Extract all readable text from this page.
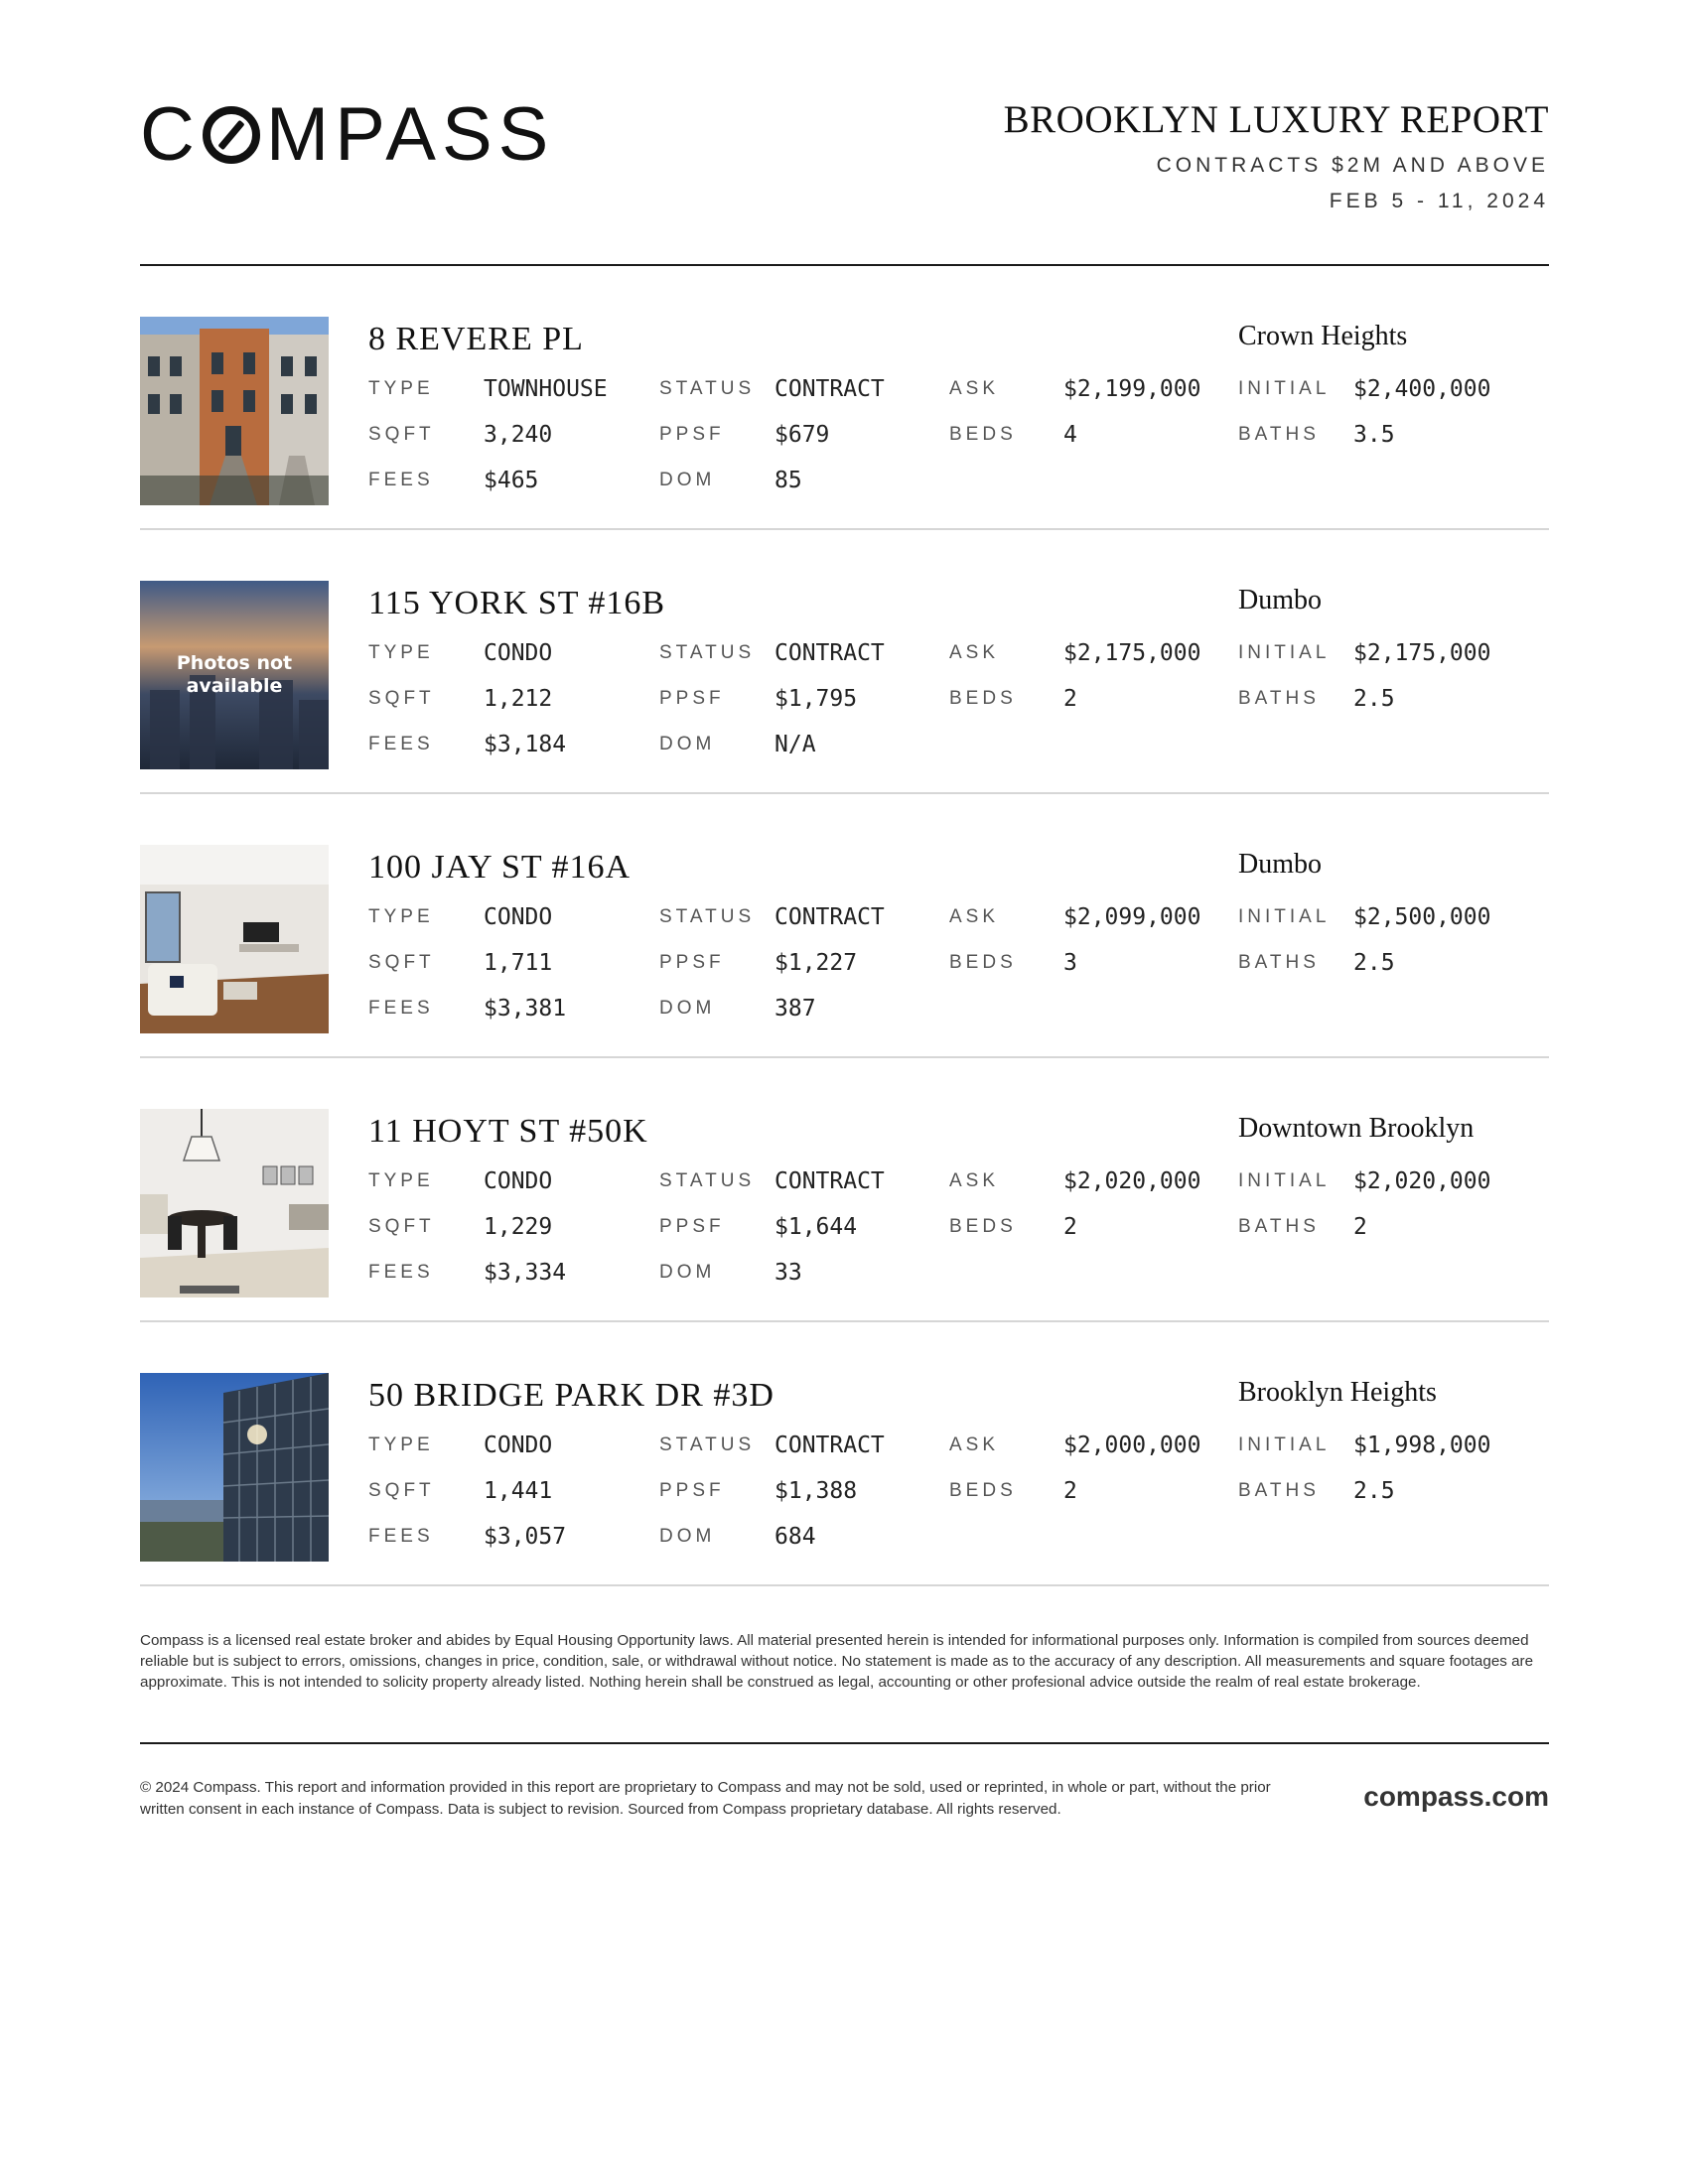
C MPASS	BROOKLYN LUXURY REPORT
CONTRACTS $2M AND ABOVE
FEB 5 - 11, 2024
8 REVERE PL	Crown Heights
TYPE TOWNHOUSE	STATUS CONTRACT	ASK	$2,199,000 INITIAL $2,400,000
SQFT 3,240	PPSF $679	BEDS 4	BATHS 3.5
FEES $465	DOM	85
Photos not available
115 YORK ST #16B	Dumbo
TYPE CONDO	STATUS CONTRACT	ASK	$2,175,000 INITIAL $2,175,000
SQFT 1,212	PPSF $1,795	BEDS 2	BATHS 2.5
FEES $3,184	DOM	N/A
100 JAY ST #16A	Dumbo
TYPE CONDO	STATUS CONTRACT	ASK	$2,099,000 INITIAL $2,500,000
SQFT 1,711	PPSF $1,227	BEDS 3	BATHS 2.5
FEES $3,381	DOM	387
11 HOYT ST #50K	Downtown Brooklyn
TYPE CONDO	STATUS CONTRACT	ASK	$2,020,000 INITIAL $2,020,000
SQFT 1,229	PPSF $1,644	BEDS 2	BATHS 2
FEES $3,334	DOM	33
50 BRIDGE PARK DR #3D	Brooklyn Heights
TYPE CONDO	STATUS CONTRACT	ASK	$2,000,000 INITIAL $1,998,000
SQFT 1,441	PPSF $1,388	BEDS 2	BATHS 2.5
FEES $3,057	DOM	684

Compass is a licensed real estate broker and abides by Equal Housing Opportunity laws. All material presented herein is intended for informational purposes only. Information is compiled from sources deemed reliable but is subject to errors, omissions, changes in price, condition, sale, or withdrawal without notice. No statement is made as to the accuracy of any description. All measurements and square footages are approximate. This is not intended to solicity property already listed. Nothing herein shall be construed as legal, accounting or other profesional advice outside the realm of real estate brokerage.

© 2024 Compass. This report and information provided in this report are proprietary to Compass and may not be sold, used or reprinted, in whole or part, without the prior written consent in each instance of Compass. Data is subject to revision. Sourced from Compass proprietary database. All rights reserved.	compass.com
